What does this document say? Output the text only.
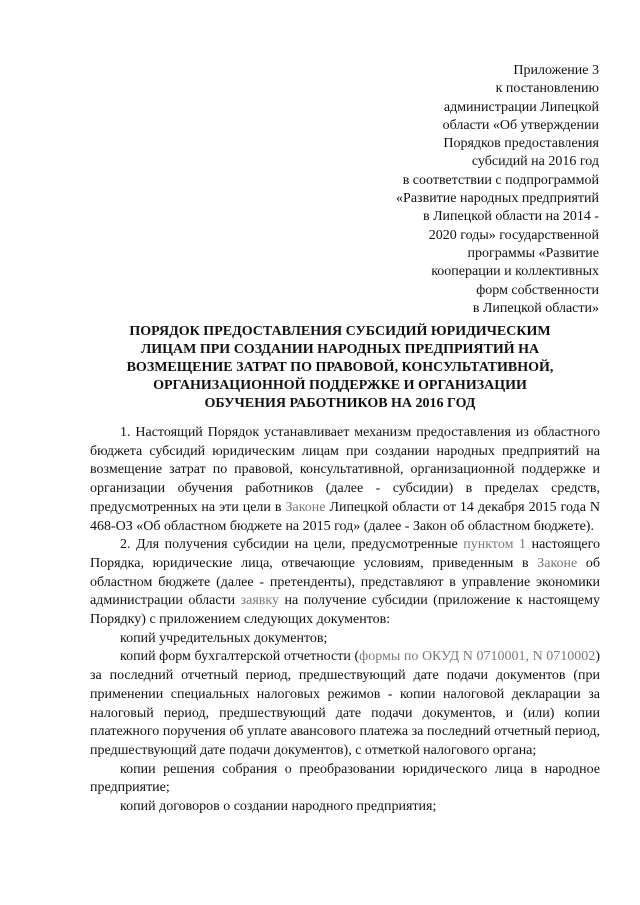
Приложение 3
к постановлению
администрации Липецкой
области «Об утверждении
Порядков предоставления
субсидий на 2016 год
в соответствии с подпрограммой
«Развитие народных предприятий
в Липецкой области на 2014 -
2020 годы» государственной
программы «Развитие
кооперации и коллективных
форм собственности
в Липецкой области»
ПОРЯДОК ПРЕДОСТАВЛЕНИЯ СУБСИДИЙ ЮРИДИЧЕСКИМ
ЛИЦАМ ПРИ СОЗДАНИИ НАРОДНЫХ ПРЕДПРИЯТИЙ НА
ВОЗМЕЩЕНИЕ ЗАТРАТ ПО ПРАВОВОЙ, КОНСУЛЬТАТИВНОЙ,
ОРГАНИЗАЦИОННОЙ ПОДДЕРЖКЕ И ОРГАНИЗАЦИИ
ОБУЧЕНИЯ РАБОТНИКОВ НА 2016 ГОД

1. Настоящий Порядок устанавливает механизм предоставления из областного бюджета субсидий юридическим лицам при создании народных предприятий на возмещение затрат по правовой, консультативной, организационной поддержке и организации обучения работников (далее - субсидии) в пределах средств, предусмотренных на эти цели в Законе Липецкой области от 14 декабря 2015 года N 468-ОЗ «Об областном бюджете на 2015 год» (далее - Закон об областном бюджете).

2. Для получения субсидии на цели, предусмотренные пунктом 1 настоящего Порядка, юридические лица, отвечающие условиям, приведенным в Законе об областном бюджете (далее - претенденты), представляют в управление экономики администрации области заявку на получение субсидии (приложение к настоящему Порядку) с приложением следующих документов:

копий учредительных документов;

копий форм бухгалтерской отчетности (формы по ОКУД N 0710001, N 0710002) за последний отчетный период, предшествующий дате подачи документов (при применении специальных налоговых режимов - копии налоговой декларации за налоговый период, предшествующий дате подачи документов, и (или) копии платежного поручения об уплате авансового платежа за последний отчетный период, предшествующий дате подачи документов), с отметкой налогового органа;

копии решения собрания о преобразовании юридического лица в народное предприятие;

копий договоров о создании народного предприятия;
